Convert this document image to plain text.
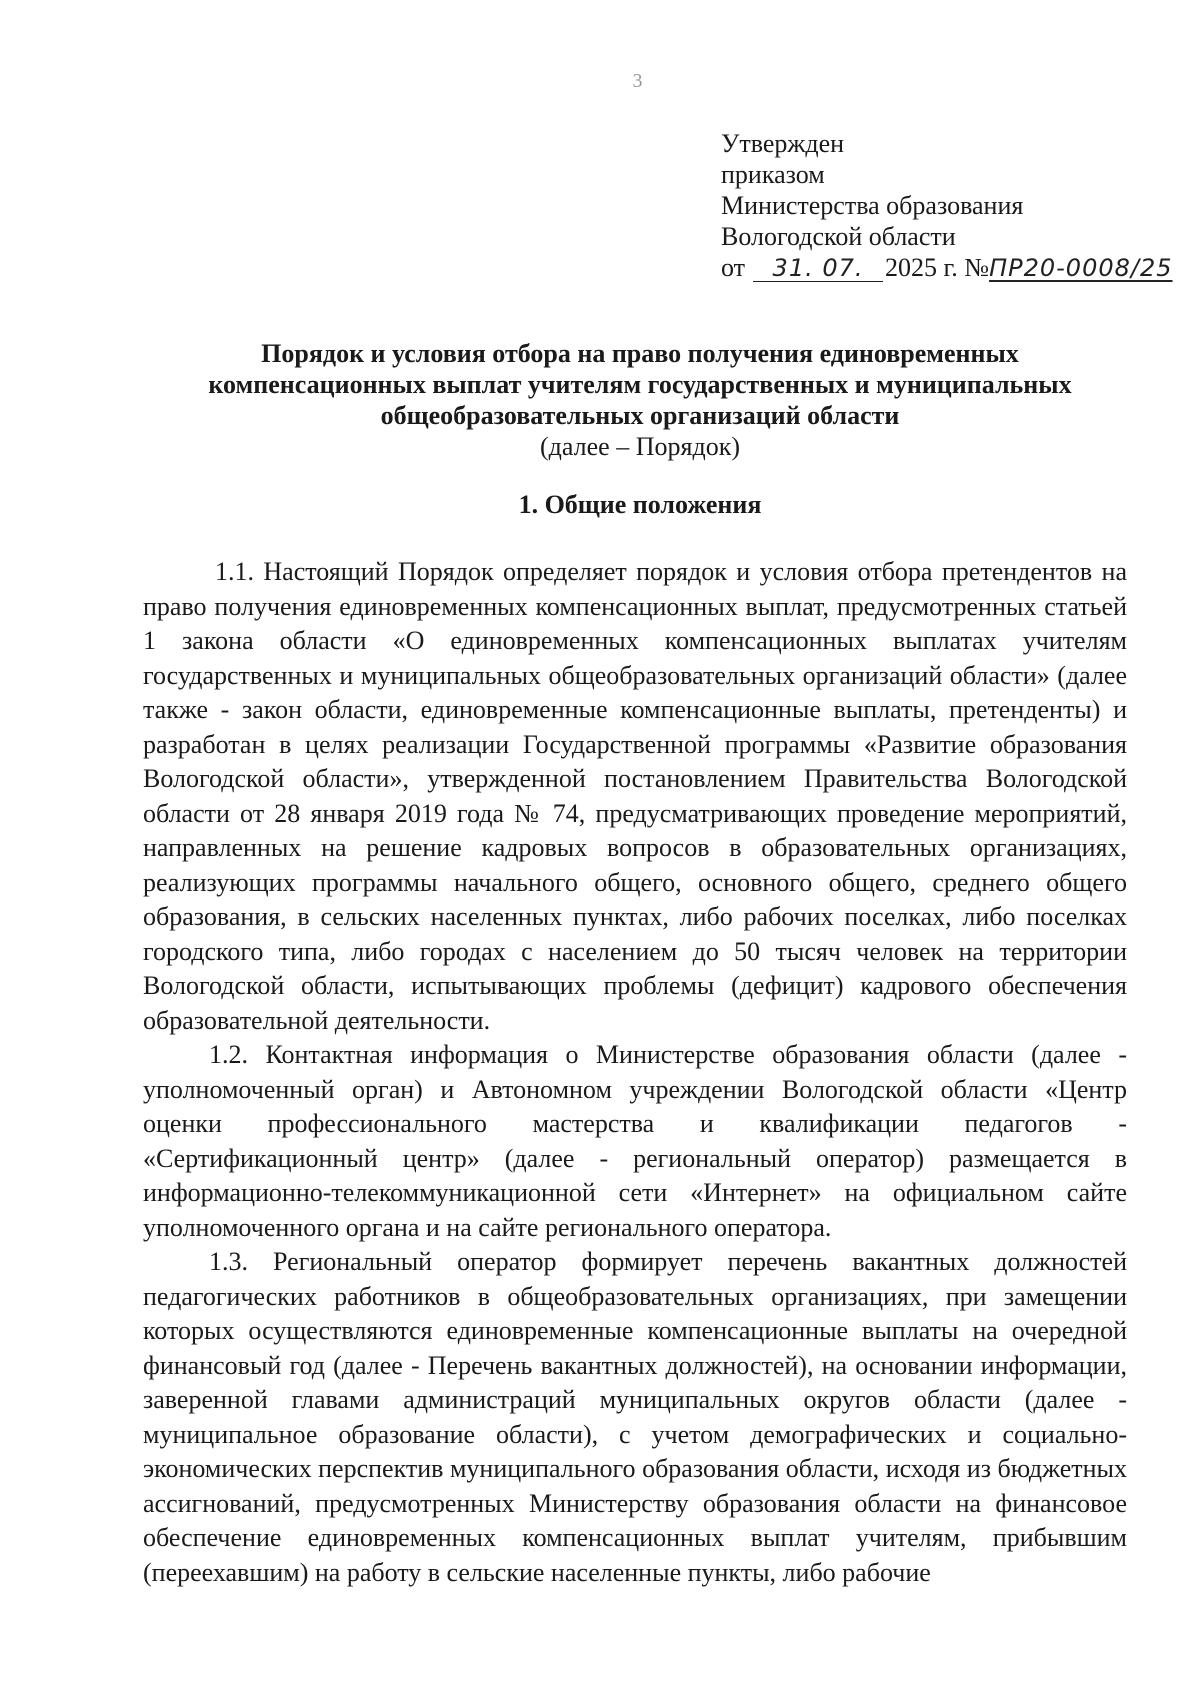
3
Утвержден
приказом
Министерства образования
Вологодской области
от 31. 07. 2025 г. №ПР20-0008/25
Порядок и условия отбора на право получения единовременных
компенсационных выплат учителям государственных и муниципальных
общеобразовательных организаций области
(далее – Порядок)
1. Общие положения

1.1. Настоящий Порядок определяет порядок и условия отбора претендентов на право получения единовременных компенсационных выплат, предусмотренных статьей 1 закона области «О единовременных компенсационных выплатах учителям государственных и муниципальных общеобразовательных организаций области» (далее также - закон области, единовременные компенсационные выплаты, претенденты) и разработан в целях реализации Государственной программы «Развитие образования Вологодской области», утвержденной постановлением Правительства Вологодской области от 28 января 2019 года № 74, предусматривающих проведение мероприятий, направленных на решение кадровых вопросов в образовательных организациях, реализующих программы начального общего, основного общего, среднего общего образования, в сельских населенных пунктах, либо рабочих поселках, либо поселках городского типа, либо городах с населением до 50 тысяч человек на территории Вологодской области, испытывающих проблемы (дефицит) кадрового обеспечения образовательной деятельности.

1.2. Контактная информация о Министерстве образования области (далее - уполномоченный орган) и Автономном учреждении Вологодской области «Центр оценки профессионального мастерства и квалификации педагогов - «Сертификационный центр» (далее - региональный оператор) размещается в информационно-телекоммуникационной сети «Интернет» на официальном сайте уполномоченного органа и на сайте регионального оператора.

1.3. Региональный оператор формирует перечень вакантных должностей педагогических работников в общеобразовательных организациях, при замещении которых осуществляются единовременные компенсационные выплаты на очередной финансовый год (далее - Перечень вакантных должностей), на основании информации, заверенной главами администраций муниципальных округов области (далее - муниципальное образование области), с учетом демографических и социально-экономических перспектив муниципального образования области, исходя из бюджетных ассигнований, предусмотренных Министерству образования области на финансовое обеспечение единовременных компенсационных выплат учителям, прибывшим (переехавшим) на работу в сельские населенные пункты, либо рабочие
